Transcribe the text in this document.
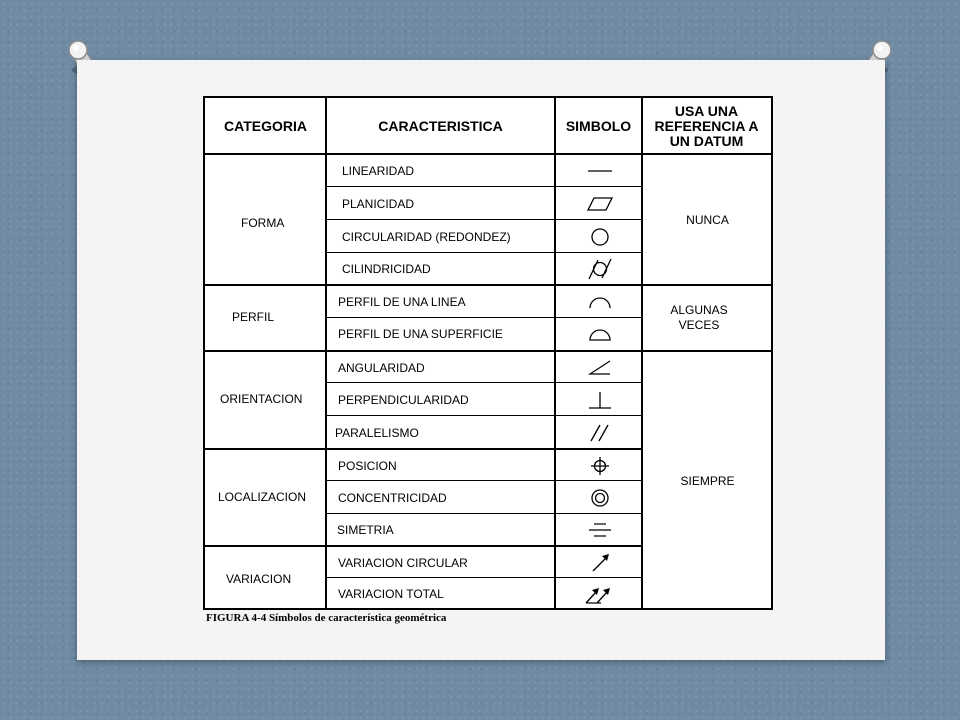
CATEGORIA	CARACTERISTICA	SIMBOLO
USA UNA REFERENCIA A UN DATUM
FORMA
PERFIL
ORIENTACION
LOCALIZACION
VARIACION
LINEARIDAD
PLANICIDAD
CIRCULARIDAD (REDONDEZ)
CILINDRICIDAD
PERFIL DE UNA LINEA
PERFIL DE UNA SUPERFICIE
ANGULARIDAD
PERPENDICULARIDAD
PARALELISMO
POSICION
CONCENTRICIDAD
SIMETRIA
VARIACION CIRCULAR
VARIACION TOTAL
NUNCA
ALGUNAS VECES
SIEMPRE
FIGURA 4-4 Símbolos de característica geométrica
